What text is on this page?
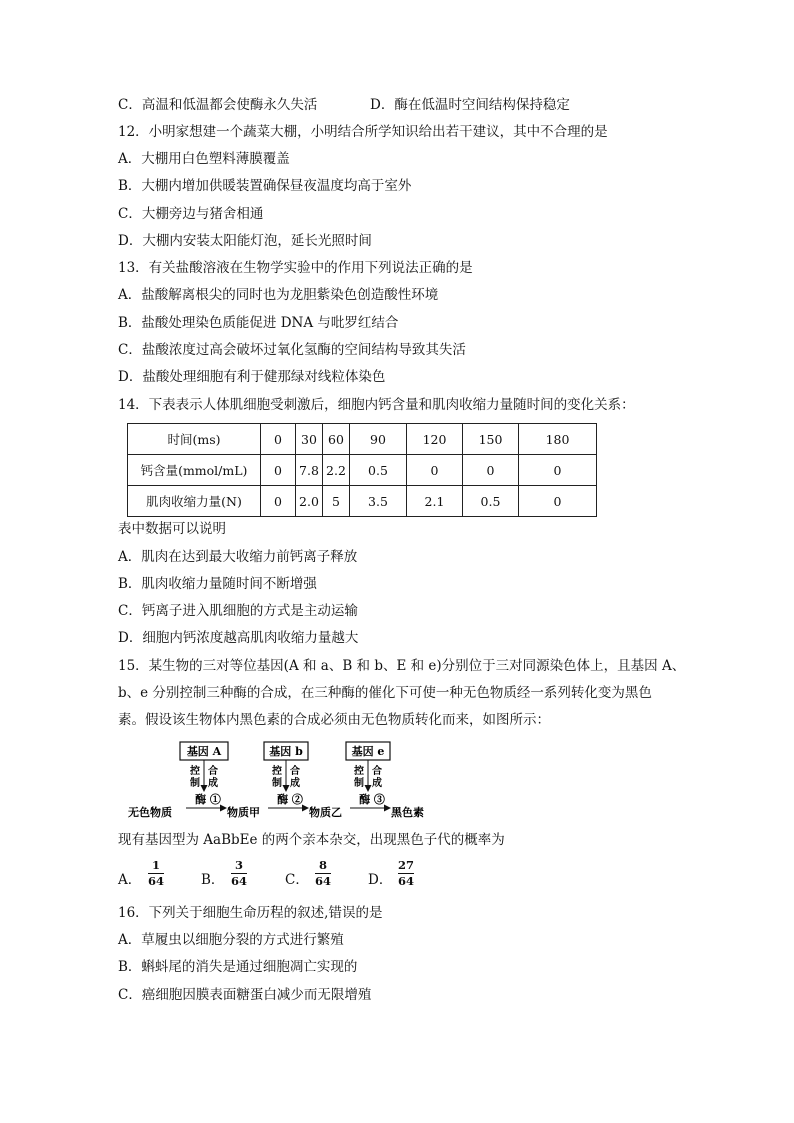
C．高温和低温都会使酶永久失活	D．酶在低温时空间结构保持稳定
12．小明家想建一个蔬菜大棚，小明结合所学知识给出若干建议，其中不合理的是
A．大棚用白色塑料薄膜覆盖
B．大棚内增加供暖装置确保昼夜温度均高于室外
C．大棚旁边与猪舍相通
D．大棚内安装太阳能灯泡，延长光照时间
13．有关盐酸溶液在生物学实验中的作用下列说法正确的是
A．盐酸解离根尖的同时也为龙胆紫染色创造酸性环境
B．盐酸处理染色质能促进 DNA 与吡罗红结合
C．盐酸浓度过高会破坏过氧化氢酶的空间结构导致其失活
D．盐酸处理细胞有利于健那绿对线粒体染色
14．下表表示人体肌细胞受刺激后，细胞内钙含量和肌肉收缩力量随时间的变化关系：
时间(ms)	0	30	60	90	120	150	180
钙含量(mmol/mL)	0	7.8	2.2	0.5	0	0	0
肌肉收缩力量(N)	0	2.0	5	3.5	2.1	0.5	0
表中数据可以说明
A．肌肉在达到最大收缩力前钙离子释放
B．肌肉收缩力量随时间不断增强
C．钙离子进入肌细胞的方式是主动运输
D．细胞内钙浓度越高肌肉收缩力量越大
15．某生物的三对等位基因(A 和 a、B 和 b、E 和 e)分别位于三对同源染色体上，且基因 A、
b、e 分别控制三种酶的合成，在三种酶的催化下可使一种无色物质经一系列转化变为黑色
素。假设该生物体内黑色素的合成必须由无色物质转化而来，如图所示：
基因 A	基因 b	基因 e
控制
合成
控制
合成
控制
合成
酶 ①	酶 ②	酶 ③
无色物质	物质甲	物质乙	黑色素
现有基因型为 AaBbEe 的两个亲本杂交，出现黑色子代的概率为
A．
1
64	B．
3
64	C．
8
64	D．
27
64
16．下列关于细胞生命历程的叙述,错误的是
A．草履虫以细胞分裂的方式进行繁殖
B．蝌蚪尾的消失是通过细胞凋亡实现的
C．癌细胞因膜表面糖蛋白减少而无限增殖
